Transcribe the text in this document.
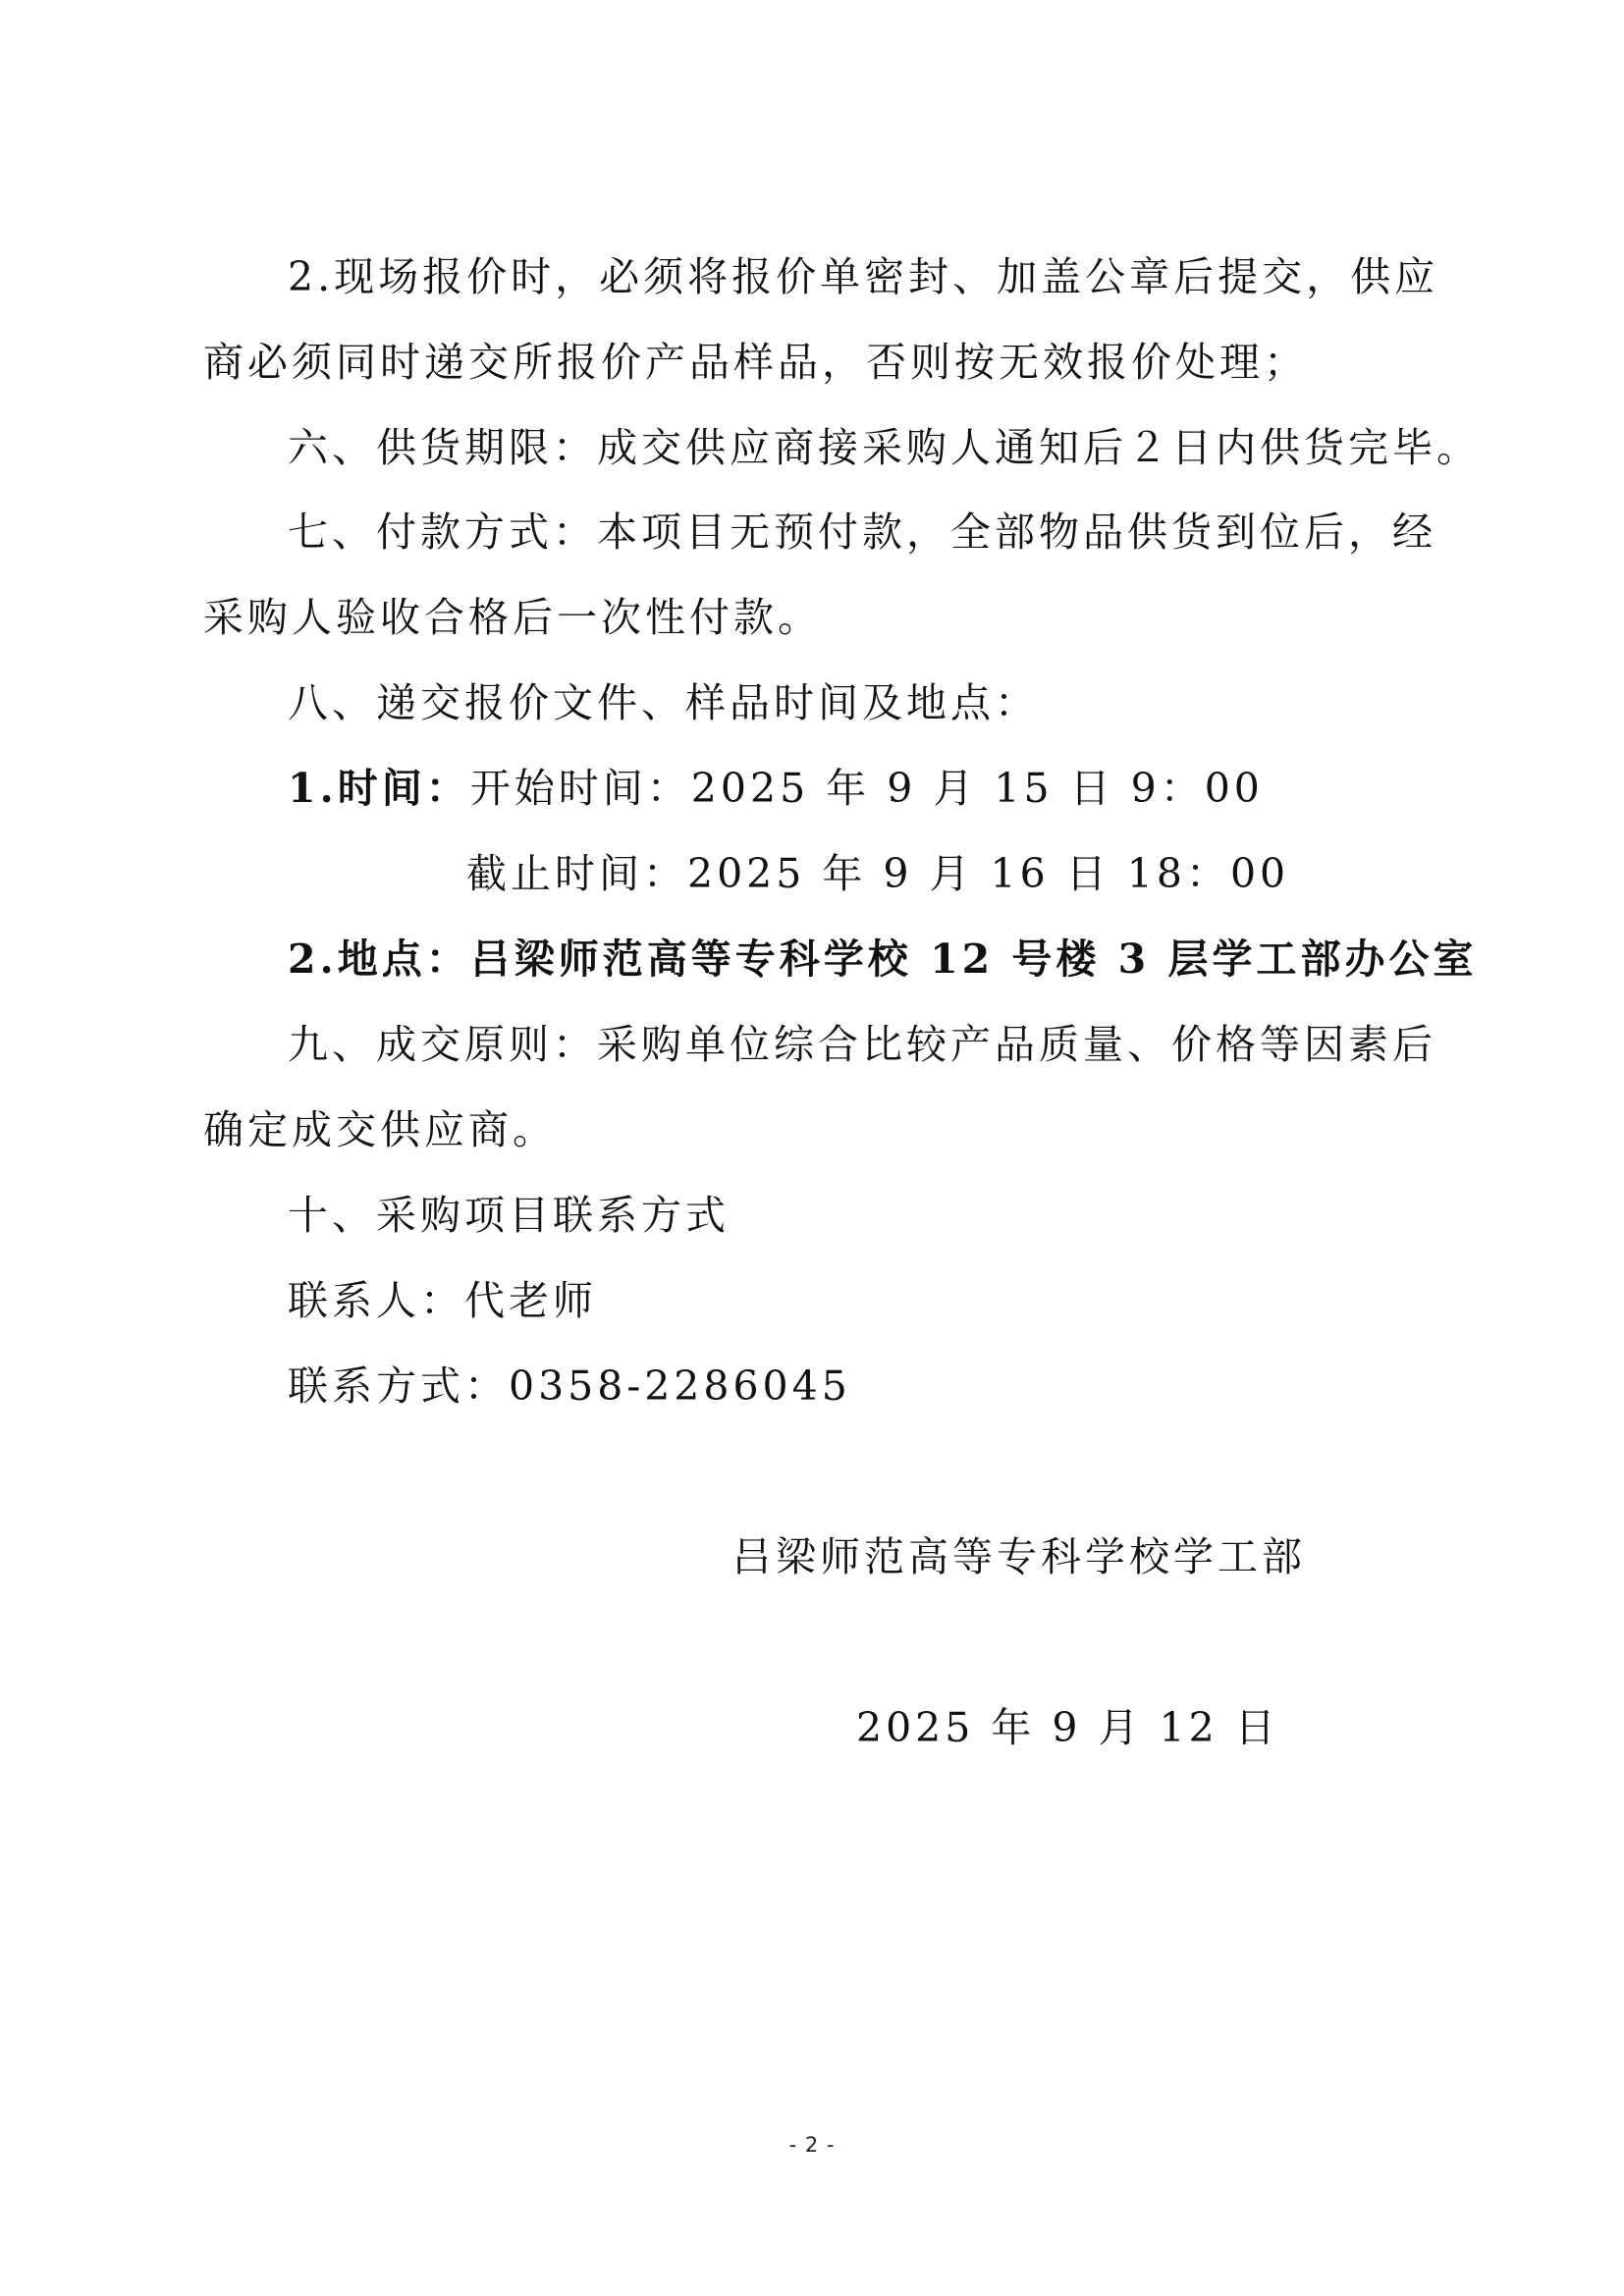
2.现场报价时，必须将报价单密封、加盖公章后提交，供应
商必须同时递交所报价产品样品，否则按无效报价处理；
六、供货期限：成交供应商接采购人通知后２日内供货完毕。
七、付款方式：本项目无预付款，全部物品供货到位后，经
采购人验收合格后一次性付款。
八、递交报价文件、样品时间及地点：
1.时间：开始时间：2025 年 9 月 15 日 9：00
截止时间：2025 年 9 月 16 日 18：00
2.地点：吕梁师范高等专科学校 12 号楼 3 层学工部办公室
九、成交原则：采购单位综合比较产品质量、价格等因素后
确定成交供应商。
十、采购项目联系方式
联系人：代老师
联系方式：0358-2286045
吕梁师范高等专科学校学工部
2025 年 9 月 12 日
- 2 -
